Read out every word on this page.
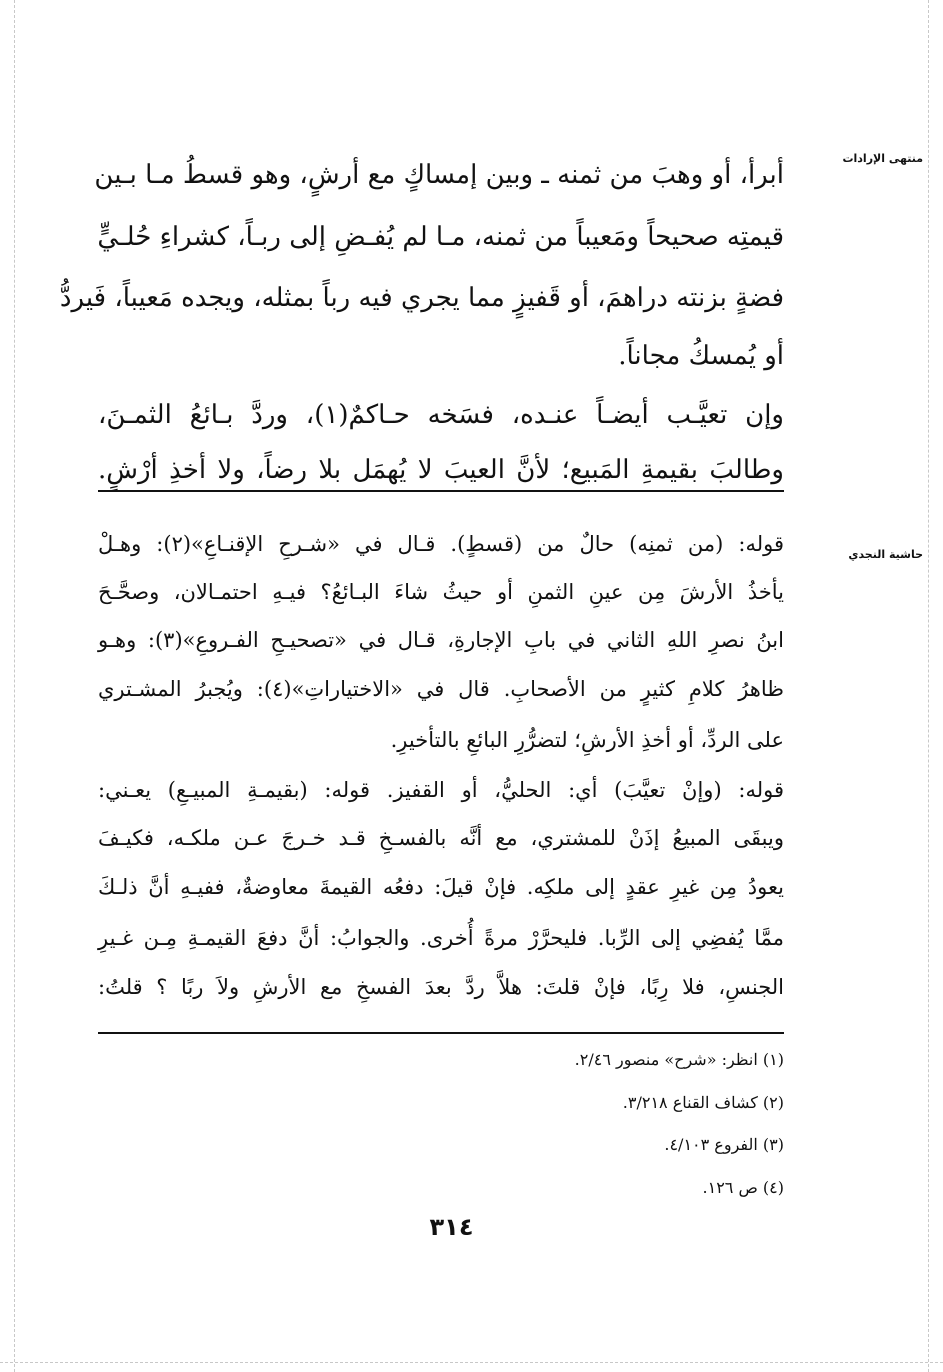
منتهى الإرادات
حاشية النجدي
أبرأ، أو وهبَ من ثمنه ـ وبين إمساكٍ مع أرشٍ، وهو قسطُ مـا بـين
قيمتِه صحيحاً ومَعيباً من ثمنه، مـا لم يُفـضِ إلى ربـاً، كشراءِ حُلـيٍّ
فضةٍ بزنته دراهمَ، أو قَفيزٍ مما يجري فيه رباً بمثله، ويجده مَعيباً، فَيردُّ
أو يُمسكُ مجاناً.
وإن تعيَّـب أيضـاً عنـده، فسَخه حـاكمٌ(١)، وردَّ بـائعُ الثمـنَ،
وطالبَ بقيمةِ المَبيع؛ لأنَّ العيبَ لا يُهمَل بلا رضاً، ولا أخذِ أرْشٍ.
قوله: (من ثمنِه) حالٌ من (قسطٍ). قـال في «شـرحِ الإقنـاعِ»(٢): وهـلْ
يأخذُ الأرشَ مِن عينِ الثمنِ أو حيثُ شاءَ البـائعُ؟ فيـهِ احتمـالان، وصحَّـحَ
ابنُ نصرِ اللهِ الثاني في بابِ الإجارةِ، قـال في «تصحيـحِ الفـروعِ»(٣): وهـو
ظاهرُ كلامِ كثيرٍ من الأصحابِ. قال في «الاختياراتِ»(٤): ويُجبرُ المشـتري
على الردِّ، أو أخذِ الأرشِ؛ لتضرُّرِ البائعِ بالتأخيرِ.
قوله: (وإنْ تعيَّبَ) أي: الحليُّ، أو القفيز. قوله: (بقيمـةِ المبيـعِ) يعـني:
ويبقَى المبيعُ إذَنْ للمشتري، مع أنَّه بالفسـخِ قـد خـرجَ عـن ملكـه، فكيـفَ
يعودُ مِن غيرِ عقدٍ إلى ملكِه. فإنْ قيلَ: دفعُه القيمةَ معاوضةٌ، ففيـهِ أنَّ ذلـكَ
ممَّا يُفضِي إلى الرِّبا. فليحرَّرْ مرةً أُخرى. والجوابُ: أنَّ دفعَ القيمـةِ مِـن غـيرِ
الجنسِ، فلا رِبًا، فإنْ قلتَ: هلاَّ ردَّ بعدَ الفسخِ مع الأرشِ ولاَ ربًا ؟ قلتُ:
(١) انظر: «شرح» منصور ٢/٤٦.
(٢) كشاف القناع ٣/٢١٨.
(٣) الفروع ٤/١٠٣.
(٤) ص ١٢٦.
٣١٤
